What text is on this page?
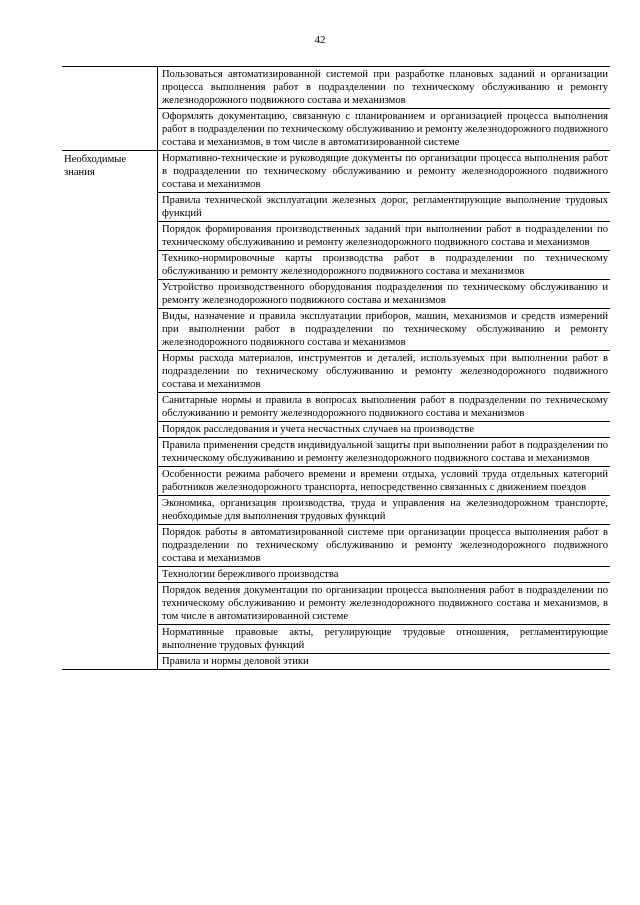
42
Пользоваться автоматизированной системой при разработке плановых заданий и организации процесса выполнения работ в подразделении по техническому обслуживанию и ремонту железнодорожного подвижного состава и механизмов
Оформлять документацию, связанную с планированием и организацией процесса выполнения работ в подразделении по техническому обслуживанию и ремонту железнодорожного подвижного состава и механизмов, в том числе в автоматизированной системе
Необходимые знания
Нормативно-технические и руководящие документы по организации процесса выполнения работ в подразделении по техническому обслуживанию и ремонту железнодорожного подвижного состава и механизмов
Правила технической эксплуатации железных дорог, регламентирующие выполнение трудовых функций
Порядок формирования производственных заданий при выполнении работ в подразделении по техническому обслуживанию и ремонту железнодорожного подвижного состава и механизмов
Технико-нормировочные карты производства работ в подразделении по техническому обслуживанию и ремонту железнодорожного подвижного состава и механизмов
Устройство производственного оборудования подразделения по техническому обслуживанию и ремонту железнодорожного подвижного состава и механизмов
Виды, назначение и правила эксплуатации приборов, машин, механизмов и средств измерений при выполнении работ в подразделении по техническому обслуживанию и ремонту железнодорожного подвижного состава и механизмов
Нормы расхода материалов, инструментов и деталей, используемых при выполнении работ в подразделении по техническому обслуживанию и ремонту железнодорожного подвижного состава и механизмов
Санитарные нормы и правила в вопросах выполнения работ в подразделении по техническому обслуживанию и ремонту железнодорожного подвижного состава и механизмов
Порядок расследования и учета несчастных случаев на производстве
Правила применения средств индивидуальной защиты при выполнении работ в подразделении по техническому обслуживанию и ремонту железнодорожного подвижного состава и механизмов
Особенности режима рабочего времени и времени отдыха, условий труда отдельных категорий работников железнодорожного транспорта, непосредственно связанных с движением поездов
Экономика, организация производства, труда и управления на железнодорожном транспорте, необходимые для выполнения трудовых функций
Порядок работы в автоматизированной системе при организации процесса выполнения работ в подразделении по техническому обслуживанию и ремонту железнодорожного подвижного состава и механизмов
Технологии бережливого производства
Порядок ведения документации по организации процесса выполнения работ в подразделении по техническому обслуживанию и ремонту железнодорожного подвижного состава и механизмов, в том числе в автоматизированной системе
Нормативные правовые акты, регулирующие трудовые отношения, регламентирующие выполнение трудовых функций
Правила и нормы деловой этики
